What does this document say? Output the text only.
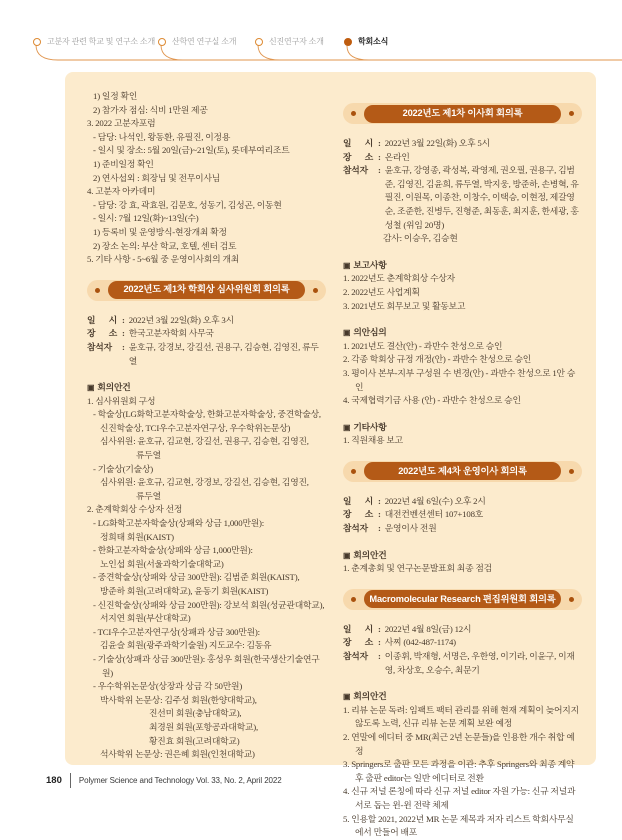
고분자 관련 학교 및 연구소 소개 산학연 연구실 소개	신진연구자 소개	학회소식
1) 일정 확인
2) 참가자 점심: 식비 1만원 제공
3. 2022 고분자포럼
- 담당: 나석인, 왕동환, 유필진, 이정용
- 일시 및 장소: 5월 20일(금)~21일(토), 롯데부여리조트
1) 준비일정 확인
2) 연사섭외 : 회장님 및 전무이사님
4. 고분자 아카데미
- 담당: 강 효, 곽효원, 김문호, 성동기, 김성곤, 이동현
- 일시: 7월 12일(화)~13일(수)
1) 등록비 및 운영방식-현장개최 확정
2) 장소 논의: 부산 학교, 호텔, 센터 검토
5. 기타 사항 - 5~6월 중 운영이사회의 개최
2022년도 제1차 학회상 심사위원회 회의록
일 시 : 2022년 3월 22일(화) 오후 3시
장 소 : 한국고분자학회 사무국
참석자	: 윤호규, 강경보, 강길선, 권용구, 김승현, 김영진, 류두열
▣ 회의안건
1. 심사위원회 구성
- 학술상(LG화학고분자학술상, 한화고분자학술상, 중견학술상,
신진학술상, TCI우수고분자연구상, 우수학위논문상)
심사위원: 윤호규, 김교현, 강길선, 권용구, 김승현, 김영진,
류두열
- 기술상(기술상)
심사위원: 윤호규, 김교현, 강경보, 강길선, 김승현, 김영진,
류두열
2. 춘계학회상 수상자 선정
- LG화학고분자학술상(상패와 상금 1,000만원):
정희태 회원(KAIST)
- 한화고분자학술상(상패와 상금 1,000만원):
노인섭 회원(서울과학기술대학교)
- 중견학술상(상패와 상금 300만원): 김범준 회원(KAIST),
방준하 회원(고려대학교), 윤동기 회원(KAIST)
- 신진학술상(상패와 상금 200만원): 강보석 회원(성균관대학교),
서지연 회원(부산대학교)
- TCI우수고분자연구상(상패과 상금 300만원):
김윤슬 회원(광주과학기술원) 지도교수: 김동유
- 기술상(상패과 상금 300만원): 홍성우 회원(한국생산기술연구원)
- 우수학위논문상(상장과 상금 각 50만원)
박사학위 논문상: 김주성 회원(한양대학교),
진선미 회원(충남대학교),
최경원 회원(포항공과대학교),
황진효 회원(고려대학교)
석사학위 논문상: 권은혜 회원(인천대학교)
2022년도 제1차 이사회 회의록
일 시 : 2022년 3월 22일(화) 오후 5시
장 소 : 온라인
참석자	: 윤호규, 강영종, 곽성복, 곽영제, 권오필, 권용구, 김범준, 김영진, 김윤희, 류두열, 박지웅, 방준하, 손병혁, 유필진, 이원목, 이종찬, 이창수, 이택승, 이현정, 제갈영순, 조준한, 진병두, 진형준, 최동훈, 최지훈, 한세광, 홍성철 (위임 20명)
감사: 이승우, 김승현
▣ 보고사항
1. 2022년도 춘계학회상 수상자
2. 2022년도 사업계획
3. 2021년도 회무보고 및 활동보고
▣ 의안심의
1. 2021년도 결산(안) - 과반수 찬성으로 승인
2. 각종 학회상 규정 개정(안) - 과반수 찬성으로 승인
3. 평이사 본부-지부 구성원 수 변경(안) - 과반수 찬성으로 1안 승인
4. 국제협력기금 사용 (안) - 과반수 찬성으로 승인
▣ 기타사항
1. 직원채용 보고
2022년도 제4차 운영이사 회의록
일 시 : 2022년 4월 6일(수) 오후 2시
장 소 : 대전컨벤션센터 107+108호
참석자	: 운영이사 전원
▣ 회의안건
1. 춘계총회 및 연구논문발표회 최종 점검
Macromolecular Research 편집위원회 회의록
일 시 : 2022년 4월 8일(금) 12시
장 소 : 사찌 (042-487-1174)
참석자	: 이종휘, 박재형, 서명은, 우한영, 이기라, 이윤구, 이재영, 차상호, 오승수, 최문기
▣ 회의안건
1. 리뷰 논문 독려: 임팩트 팩터 관리를 위해 현재 계획이 늦어지지 않도록 노력, 신규 리뷰 논문 계획 보완 예정
2. 연말에 에디터 중 MR(최근 2년 논문들)을 인용한 개수 취합 예정
3. Springers로 출판 모든 과정을 이관: 추후 Springers와 최종 계약 후 출판 editor는 일반 에디터로 전환
4. 신규 저널 론칭에 따라 신규 저널 editor 자원 가능: 신규 저널과 서로 돕는 윈-윈 전략 체제
5. 인용할 2021, 2022년 MR 논문 제목과 저자 리스트 학회사무실에서 만들어 배포
180 Polymer Science and Technology Vol. 33, No. 2, April 2022
